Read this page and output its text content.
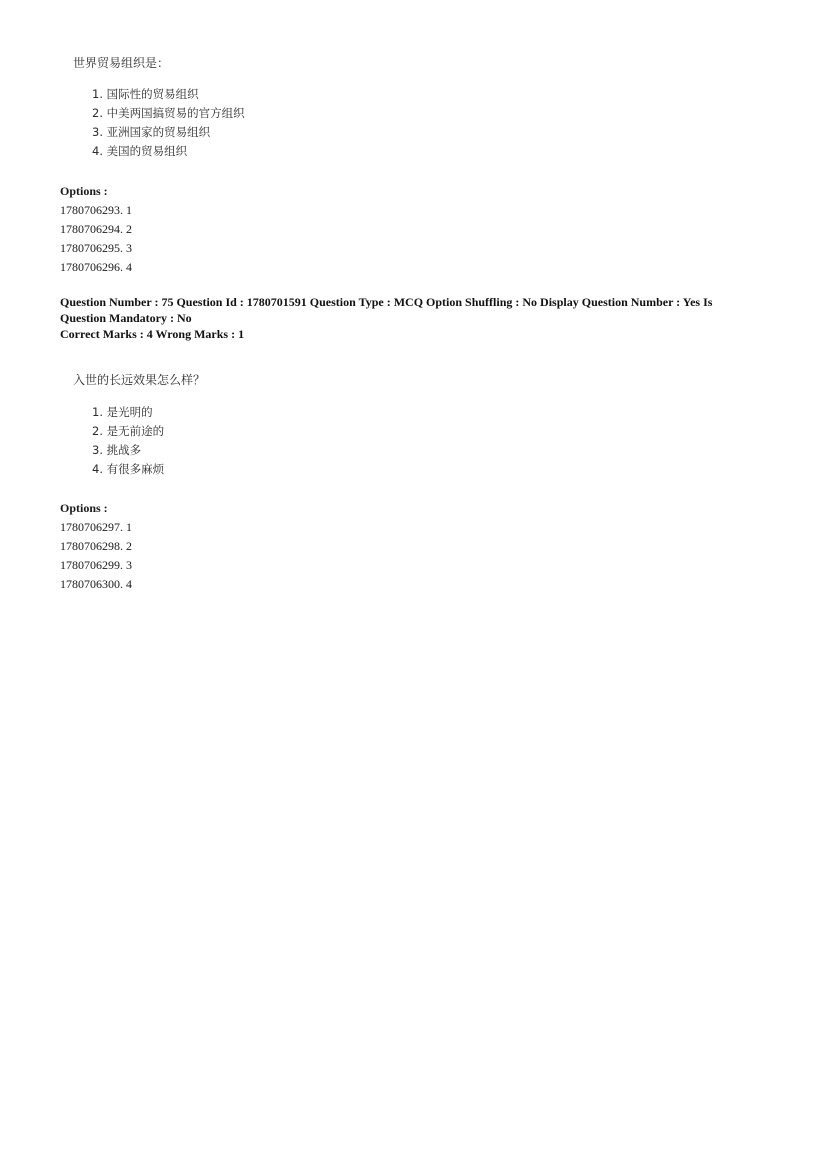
世界贸易组织是：
1. 国际性的贸易组织
2. 中美两国搞贸易的官方组织
3. 亚洲国家的贸易组织
4. 美国的贸易组织
Options :
1780706293. 1
1780706294. 2
1780706295. 3
1780706296. 4
Question Number : 75 Question Id : 1780701591 Question Type : MCQ Option Shuffling : No Display Question Number : Yes Is
Question Mandatory : No
Correct Marks : 4 Wrong Marks : 1
入世的长远效果怎么样？
1. 是光明的
2. 是无前途的
3. 挑战多
4. 有很多麻烦
Options :
1780706297. 1
1780706298. 2
1780706299. 3
1780706300. 4
